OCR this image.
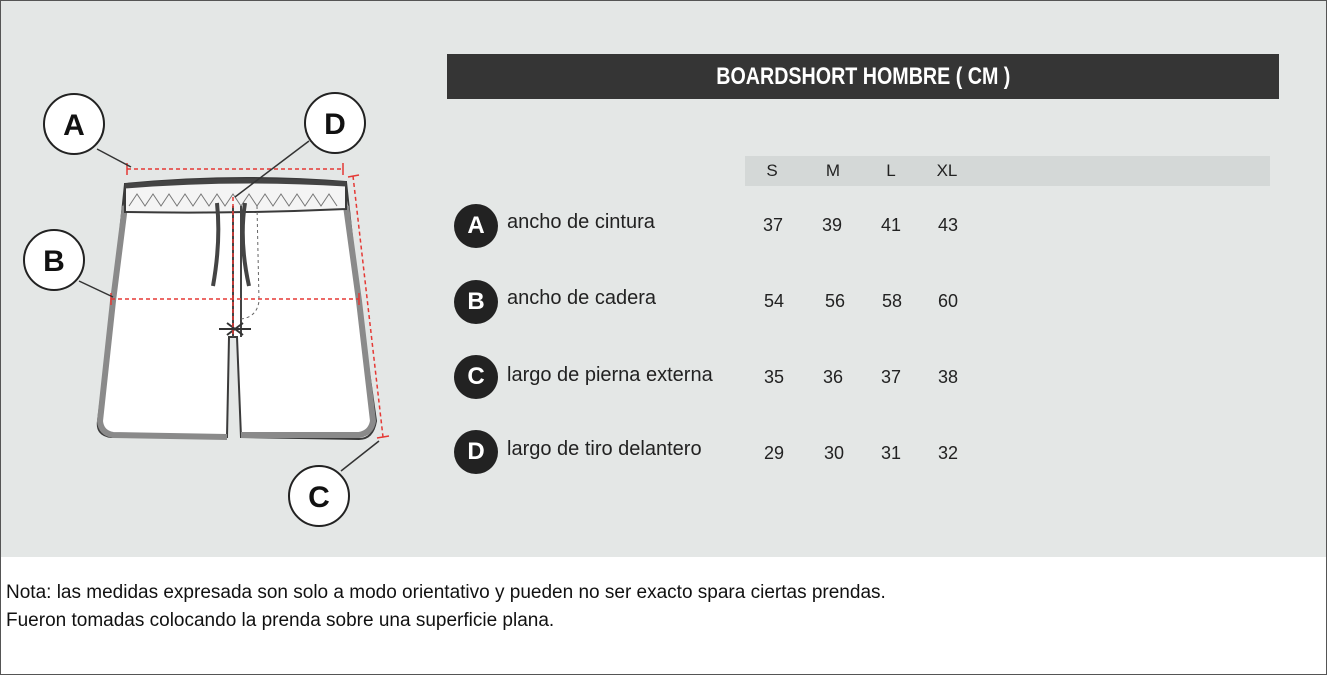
A	D
B
C
BOARDSHORT HOMBRE ( CM )
S	M	L	XL
A	ancho de cintura	37	39	41	43
B	ancho de cadera	54	56	58	60
C	largo de pierna externa	35	36	37	38
D	largo de tiro delantero	29	30	31	32
Nota: las medidas expresada son solo a modo orientativo y pueden no ser exacto spara ciertas prendas.
Fueron tomadas colocando la prenda sobre una superficie plana.
